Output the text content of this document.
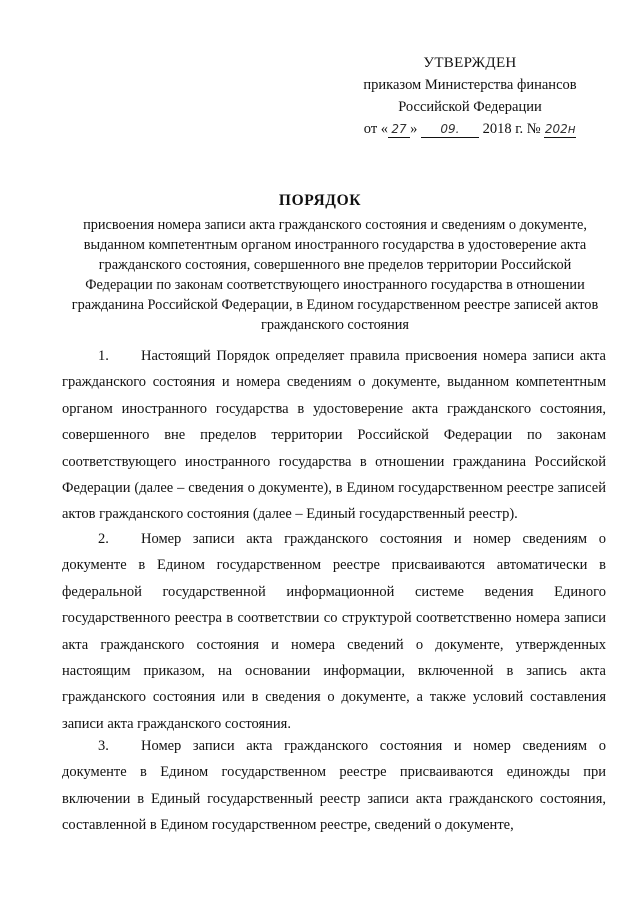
УТВЕРЖДЕН
приказом Министерства финансов
Российской Федерации
от « 27 » 09. 2018 г. № 202н
ПОРЯДОК
присвоения номера записи акта гражданского состояния и сведениям о документе, выданном компетентным органом иностранного государства в удостоверение акта гражданского состояния, совершенного вне пределов территории Российской Федерации по законам соответствующего иностранного государства в отношении гражданина Российской Федерации, в Едином государственном реестре записей актов гражданского состояния
1. Настоящий Порядок определяет правила присвоения номера записи акта гражданского состояния и номера сведениям о документе, выданном компетентным органом иностранного государства в удостоверение акта гражданского состояния, совершенного вне пределов территории Российской Федерации по законам соответствующего иностранного государства в отношении гражданина Российской Федерации (далее – сведения о документе), в Едином государственном реестре записей актов гражданского состояния (далее – Единый государственный реестр).
2. Номер записи акта гражданского состояния и номер сведениям о документе в Едином государственном реестре присваиваются автоматически в федеральной государственной информационной системе ведения Единого государственного реестра в соответствии со структурой соответственно номера записи акта гражданского состояния и номера сведений о документе, утвержденных настоящим приказом, на основании информации, включенной в запись акта гражданского состояния или в сведения о документе, а также условий составления записи акта гражданского состояния.
3. Номер записи акта гражданского состояния и номер сведениям о документе в Едином государственном реестре присваиваются единожды при включении в Единый государственный реестр записи акта гражданского состояния, составленной в Едином государственном реестре, сведений о документе,
